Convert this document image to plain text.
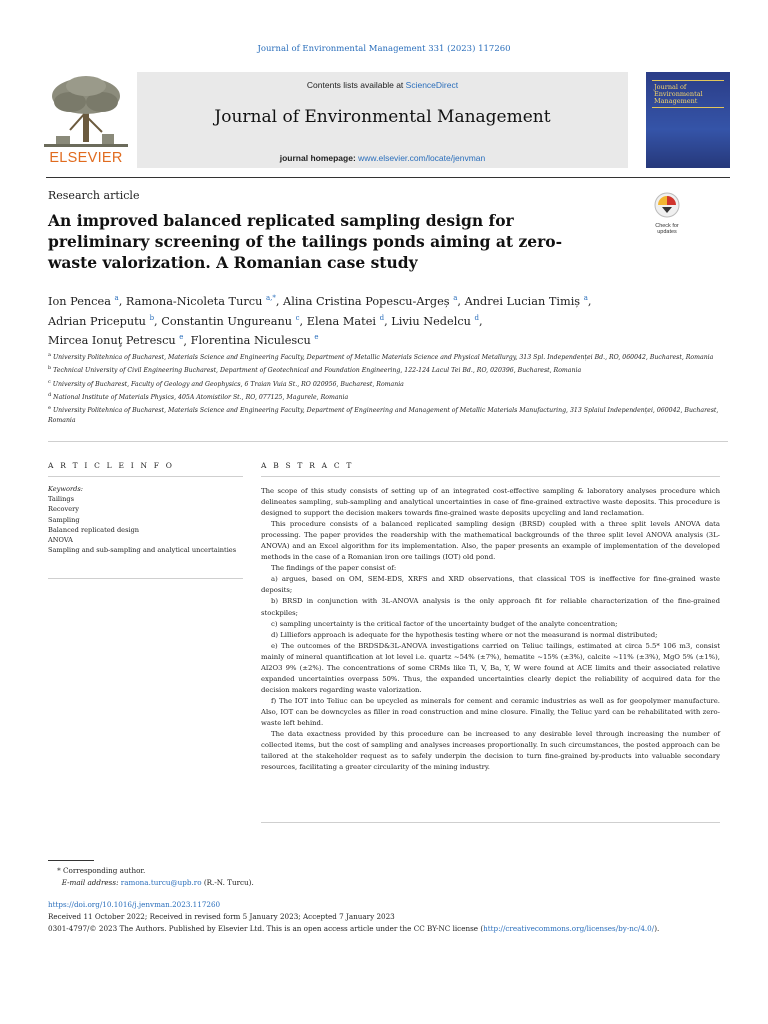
Journal of Environmental Management 331 (2023) 117260
Contents lists available at ScienceDirect
Journal of Environmental Management
journal homepage: www.elsevier.com/locate/jenvman
ELSEVIER
Journal of Environmental Management
Research article
An improved balanced replicated sampling design for preliminary screening of the tailings ponds aiming at zero-waste valorization. A Romanian case study
Check for updates
Ion Pencea $^a$, Ramona-Nicoleta Turcu $^{a,*}$, Alina Cristina Popescu-Argeș $^a$, Andrei Lucian Timiș $^a$,
Adrian Priceputu $^b$, Constantin Ungureanu $^c$, Elena Matei $^d$, Liviu Nedelcu $^d$,
Mircea Ionuţ Petrescu $^e$, Florentina Niculescu $^e$
$^a$ University Politehnica of Bucharest, Materials Science and Engineering Faculty, Department of Metallic Materials Science and Physical Metallurgy, 313 Spl. Independenței Bd., RO, 060042, Bucharest, Romania
$^b$ Technical University of Civil Engineering Bucharest, Department of Geotechnical and Foundation Engineering, 122-124 Lacul Tei Bd., RO, 020396, Bucharest, Romania
$^c$ University of Bucharest, Faculty of Geology and Geophysics, 6 Traian Vuia St., RO 020956, Bucharest, Romania
$^d$ National Institute of Materials Physics, 405A Atomistilor St., RO, 077125, Magurele, Romania
$^e$ University Politehnica of Bucharest, Materials Science and Engineering Faculty, Department of Engineering and Management of Metallic Materials Manufacturing, 313 Splaiul Independenței, 060042, Bucharest, Romania
A R T I C L E I N F O	A B S T R A C T
Keywords:
Tailings
Recovery
Sampling
Balanced replicated design
ANOVA
Sampling and sub-sampling and analytical uncertainties

The scope of this study consists of setting up of an integrated cost-effective sampling & laboratory analyses procedure which delineates sampling, sub-sampling and analytical uncertainties in case of fine-grained extractive waste deposits. This procedure is designed to support the decision makers towards fine-grained waste deposits upcycling and land reclamation.

This procedure consists of a balanced replicated sampling design (BRSD) coupled with a three split levels ANOVA data processing. The paper provides the readership with the mathematical backgrounds of the three split level ANOVA analysis (3L-ANOVA) and an Excel algorithm for its implementation. Also, the paper presents an example of implementation of the developed methods in the case of a Romanian iron ore tailings (IOT) old pond.

The findings of the paper consist of:

a) argues, based on OM, SEM-EDS, XRFS and XRD observations, that classical TOS is ineffective for fine-grained waste deposits;

b) BRSD in conjunction with 3L-ANOVA analysis is the only approach fit for reliable characterization of the fine-grained stockpiles;

c) sampling uncertainty is the critical factor of the uncertainty budget of the analyte concentration;

d) Lilliefors approach is adequate for the hypothesis testing where or not the measurand is normal distributed;

e) The outcomes of the BRDSD&3L-ANOVA investigations carried on Teliuc tailings, estimated at circa 5.5* 106 m3, consist mainly of mineral quantification at lot level i.e. quartz ~54% (±7%), hematite ~15% (±3%), calcite ~11% (±3%), MgO 5% (±1%), Al2O3 9% (±2%). The concentrations of some CRMs like Ti, V, Ba, Y, W were found at ACE limits and their associated relative expanded uncertainties overpass 50%. Thus, the expanded uncertainties clearly depict the reliability of acquired data for the decision makers regarding waste valorization.

f) The IOT into Teliuc can be upcycled as minerals for cement and ceramic industries as well as for geopolymer manufacture. Also, IOT can be downcycles as filler in road construction and mine closure. Finally, the Teliuc yard can be rehabilitated with zero-waste left behind.

The data exactness provided by this procedure can be increased to any desirable level through increasing the number of collected items, but the cost of sampling and analyses increases proportionally. In such circumstances, the posted approach can be tailored at the stakeholder request as to safely underpin the decision to turn fine-grained by-products into valuable secondary resources, facilitating a greater circularity of the mining industry.

* Corresponding author.
E-mail address: ramona.turcu@upb.ro (R.-N. Turcu).
https://doi.org/10.1016/j.jenvman.2023.117260
Received 11 October 2022; Received in revised form 5 January 2023; Accepted 7 January 2023
0301-4797/© 2023 The Authors. Published by Elsevier Ltd. This is an open access article under the CC BY-NC license (http://creativecommons.org/licenses/by-nc/4.0/).
